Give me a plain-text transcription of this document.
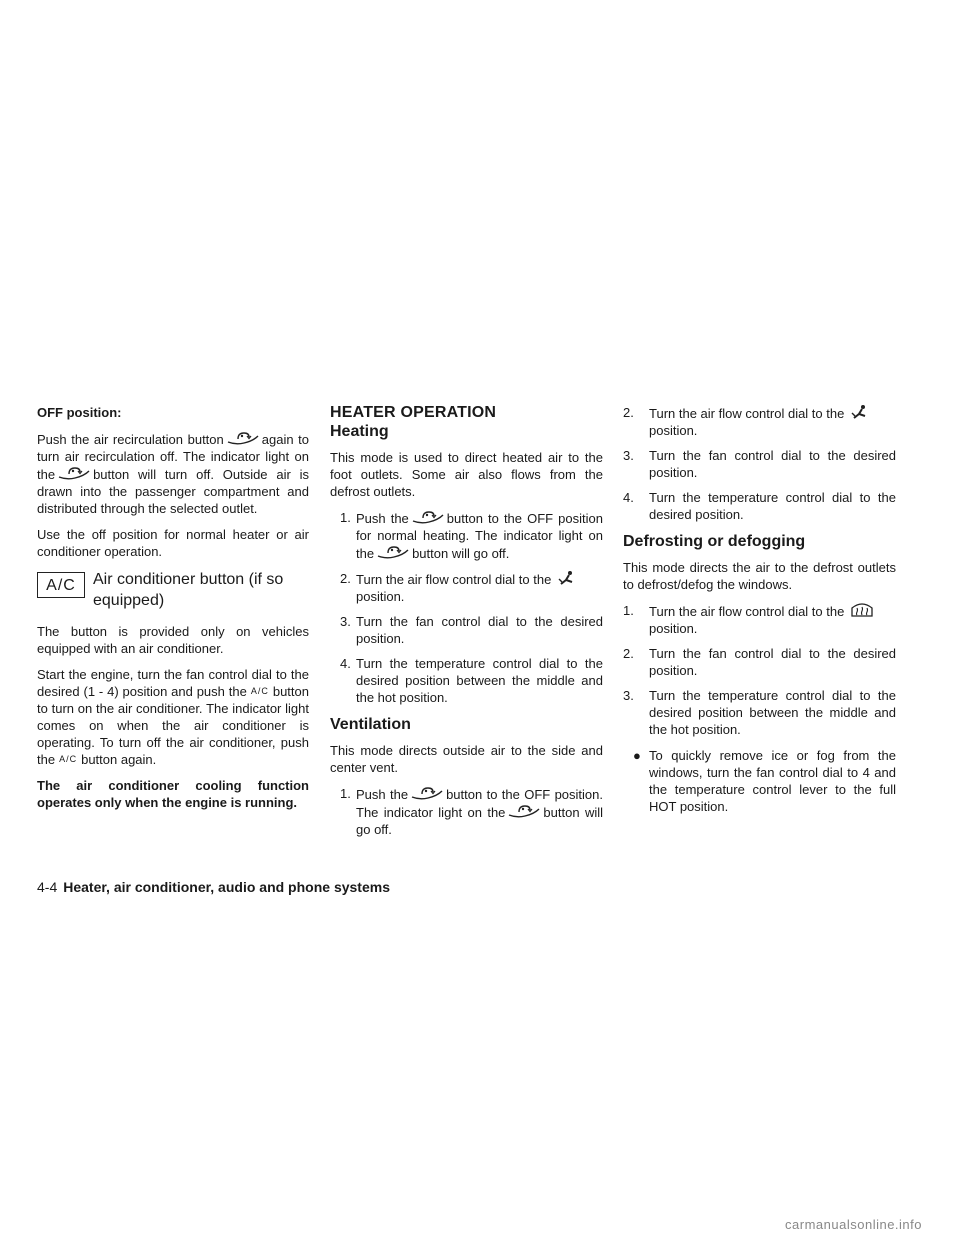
OFF position:

Push the air recirculation button	again to turn air recirculation off. The indicator light on the	button will turn off. Outside air is drawn into the passenger compartment and distributed through the selected outlet.

Use the off position for normal heater or air conditioner operation.

A/C	Air conditioner button (if so equipped)

The button is provided only on vehicles equipped with an air conditioner.

Start the engine, turn the fan control dial to the desired (1 - 4) position and push the A/C button to turn on the air conditioner. The indicator light comes on when the air conditioner is operating. To turn off the air conditioner, push the A/C button again.

The air conditioner cooling function operates only when the engine is running.

HEATER OPERATION
Heating

This mode is used to direct heated air to the foot outlets. Some air also flows from the defrost outlets.

1. Push the	button to the OFF position for normal heating. The indicator light on the	button will go off.
2. Turn the air flow control dial to the
position.
3. Turn the fan control dial to the desired position.
4. Turn the temperature control dial to the desired position between the middle and the hot position.
Ventilation

This mode directs outside air to the side and center vent.

1. Push the	button to the OFF position. The indicator light on the	button will go off.
2. Turn the air flow control dial to the
position.
3. Turn the fan control dial to the desired position.
4. Turn the temperature control dial to the desired position.
Defrosting or defogging

This mode directs the air to the defrost outlets to defrost/defog the windows.

1. Turn the air flow control dial to the
position.
2. Turn the fan control dial to the desired position.
3. Turn the temperature control dial to the desired position between the middle and the hot position.
● To quickly remove ice or fog from the windows, turn the fan control dial to 4 and the temperature control lever to the full HOT position.
4-4 Heater, air conditioner, audio and phone systems
carmanualsonline.info
